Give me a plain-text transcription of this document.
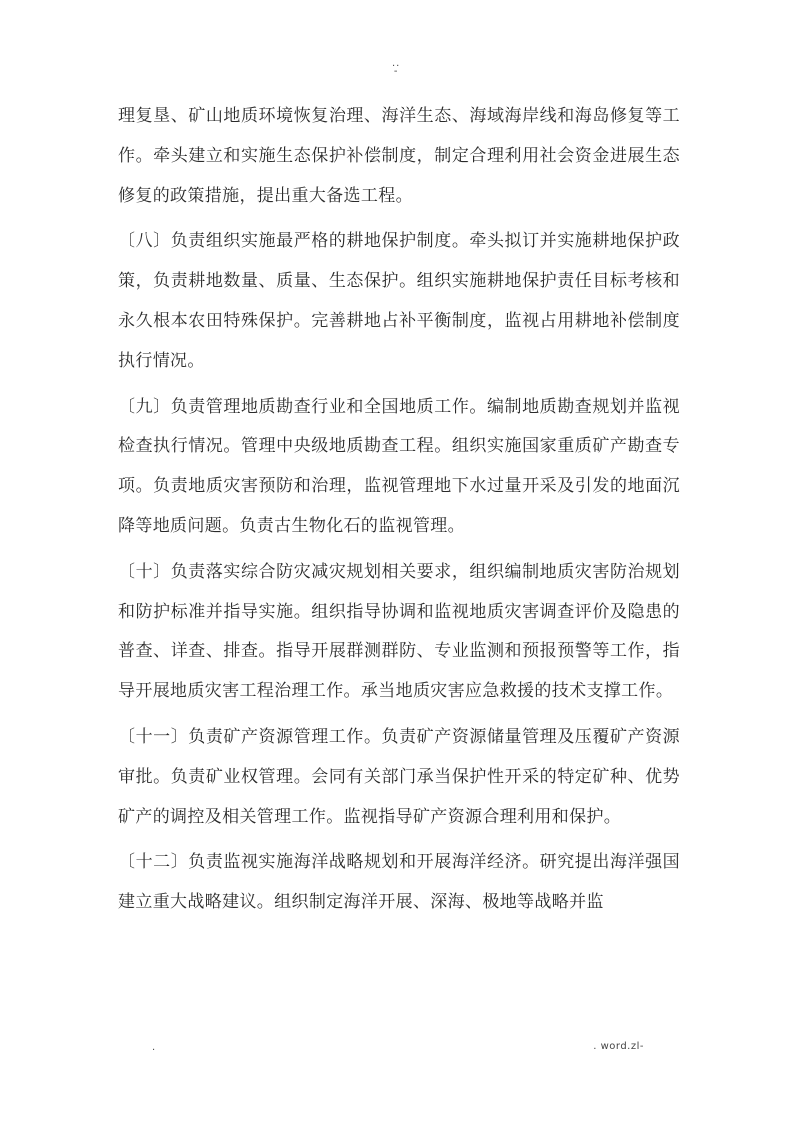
..
-

理复垦、矿山地质环境恢复治理、海洋生态、海域海岸线和海岛修复等工作。牵头建立和实施生态保护补偿制度，制定合理利用社会资金进展生态修复的政策措施，提出重大备选工程。

〔八〕负责组织实施最严格的耕地保护制度。牵头拟订并实施耕地保护政策，负责耕地数量、质量、生态保护。组织实施耕地保护责任目标考核和永久根本农田特殊保护。完善耕地占补平衡制度，监视占用耕地补偿制度执行情况。

〔九〕负责管理地质勘查行业和全国地质工作。编制地质勘查规划并监视检查执行情况。管理中央级地质勘查工程。组织实施国家重质矿产勘查专项。负责地质灾害预防和治理，监视管理地下水过量开采及引发的地面沉降等地质问题。负责古生物化石的监视管理。

〔十〕负责落实综合防灾减灾规划相关要求，组织编制地质灾害防治规划和防护标准并指导实施。组织指导协调和监视地质灾害调查评价及隐患的普查、详查、排查。指导开展群测群防、专业监测和预报预警等工作，指导开展地质灾害工程治理工作。承当地质灾害应急救援的技术支撑工作。

〔十一〕负责矿产资源管理工作。负责矿产资源储量管理及压覆矿产资源审批。负责矿业权管理。会同有关部门承当保护性开采的特定矿种、优势矿产的调控及相关管理工作。监视指导矿产资源合理利用和保护。

〔十二〕负责监视实施海洋战略规划和开展海洋经济。研究提出海洋强国建立重大战略建议。组织制定海洋开展、深海、极地等战略并监

.	. word.zl-
